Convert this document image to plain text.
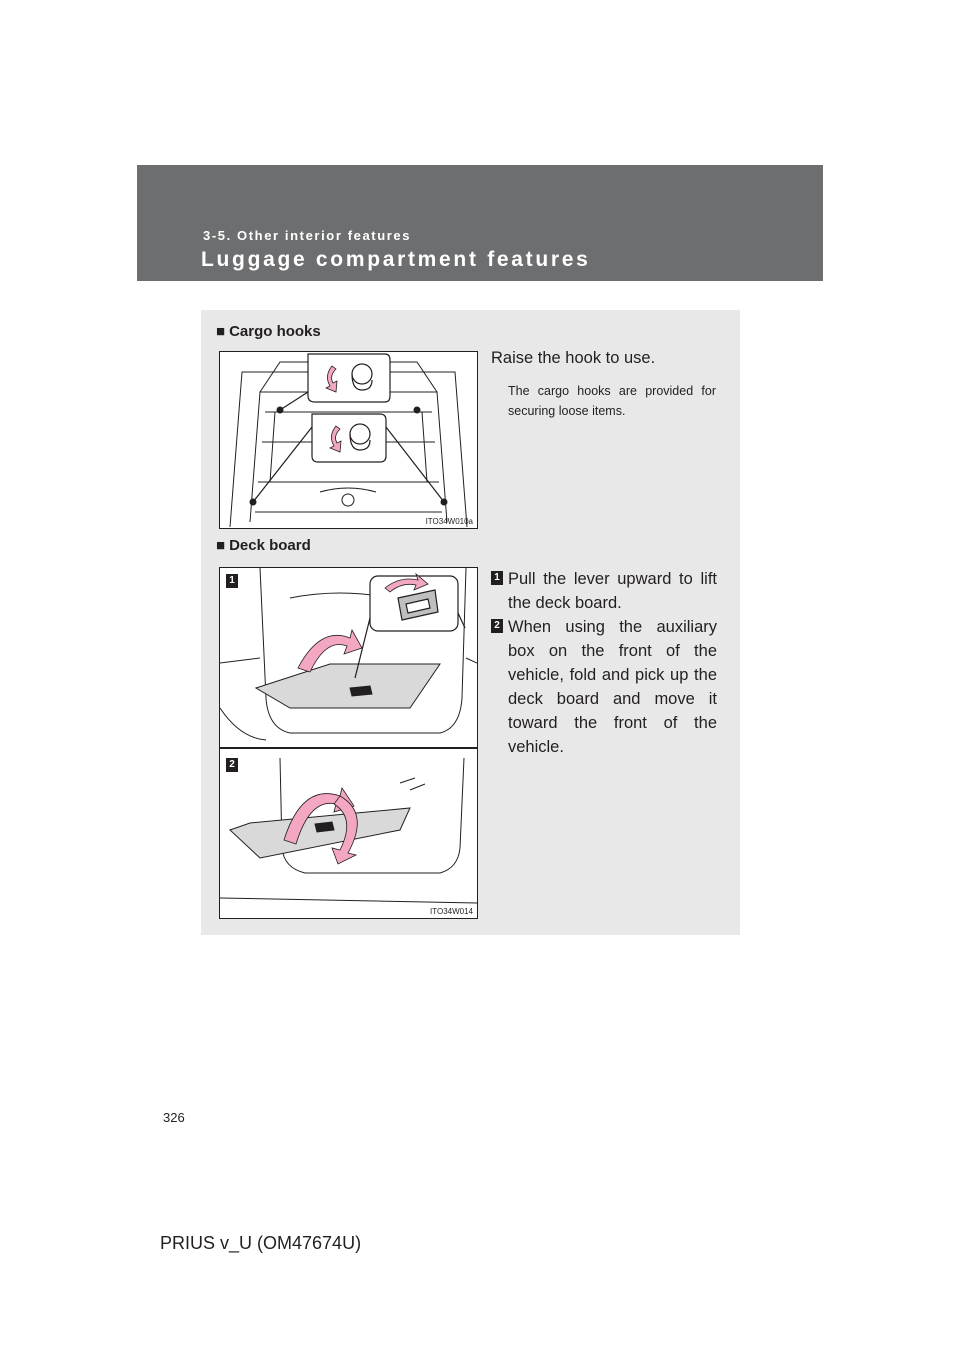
3-5. Other interior features
Luggage compartment features
■ Cargo hooks
ITO34W010a
Raise the hook to use.
The cargo hooks are provided for securing loose items.
■ Deck board
1
2
ITO34W014
1 Pull the lever upward to lift the deck board.
2 When using the auxiliary box on the front of the vehicle, fold and pick up the deck board and move it toward the front of the vehicle.
326
PRIUS v_U (OM47674U)
